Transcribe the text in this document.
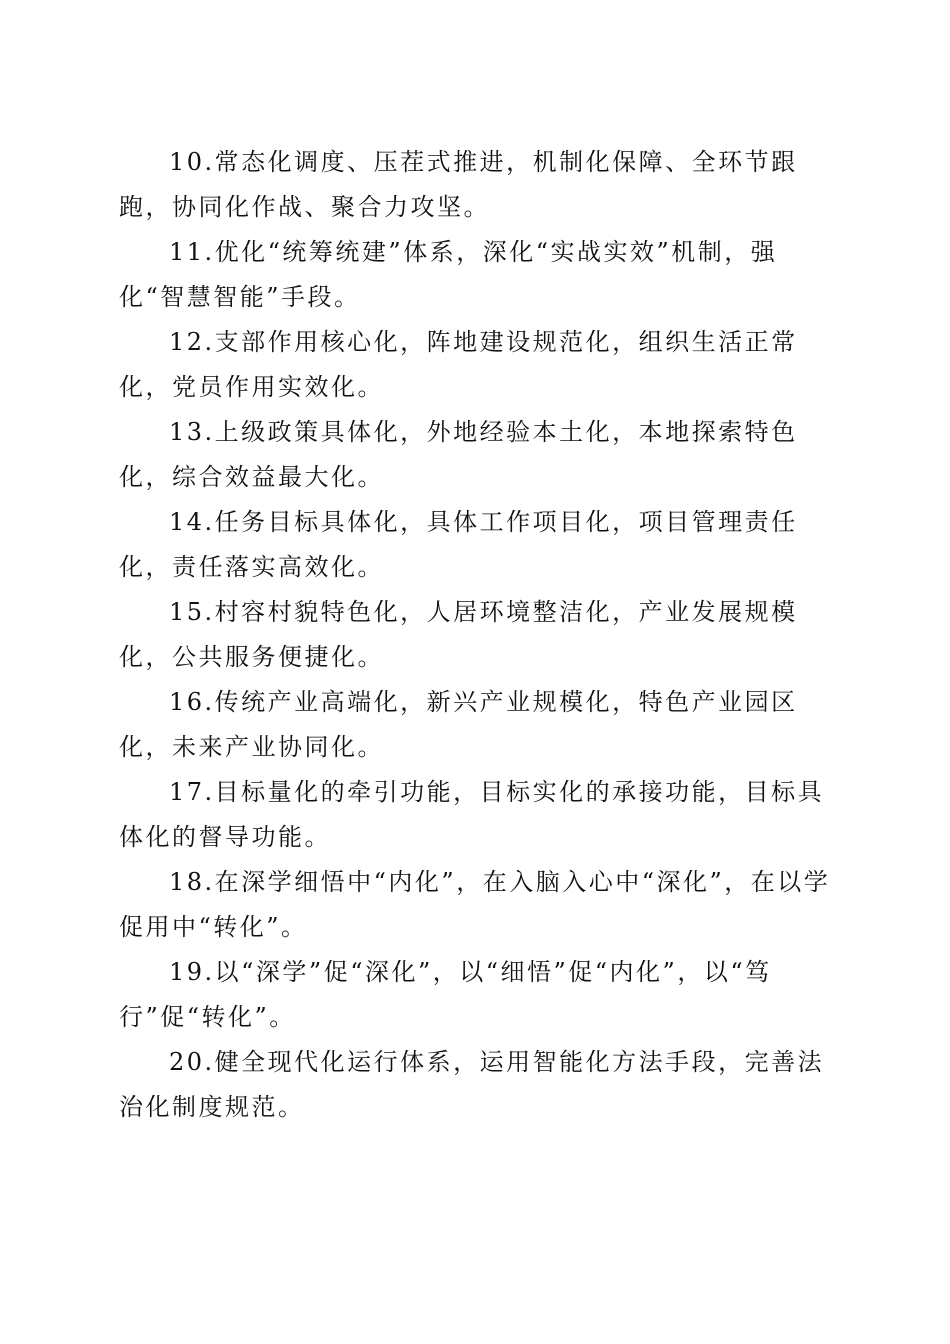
10.常态化调度、压茬式推进，机制化保障、全环节跟跑，协同化作战、聚合力攻坚。

11.优化“统筹统建”体系，深化“实战实效”机制，强化“智慧智能”手段。

12.支部作用核心化，阵地建设规范化，组织生活正常化，党员作用实效化。

13.上级政策具体化，外地经验本土化，本地探索特色化，综合效益最大化。

14.任务目标具体化，具体工作项目化，项目管理责任化，责任落实高效化。

15.村容村貌特色化，人居环境整洁化，产业发展规模化，公共服务便捷化。

16.传统产业高端化，新兴产业规模化，特色产业园区化，未来产业协同化。

17.目标量化的牵引功能，目标实化的承接功能，目标具体化的督导功能。

18.在深学细悟中“内化”，在入脑入心中“深化”，在以学促用中“转化”。

19.以“深学”促“深化”，以“细悟”促“内化”，以“笃行”促“转化”。

20.健全现代化运行体系，运用智能化方法手段，完善法治化制度规范。
